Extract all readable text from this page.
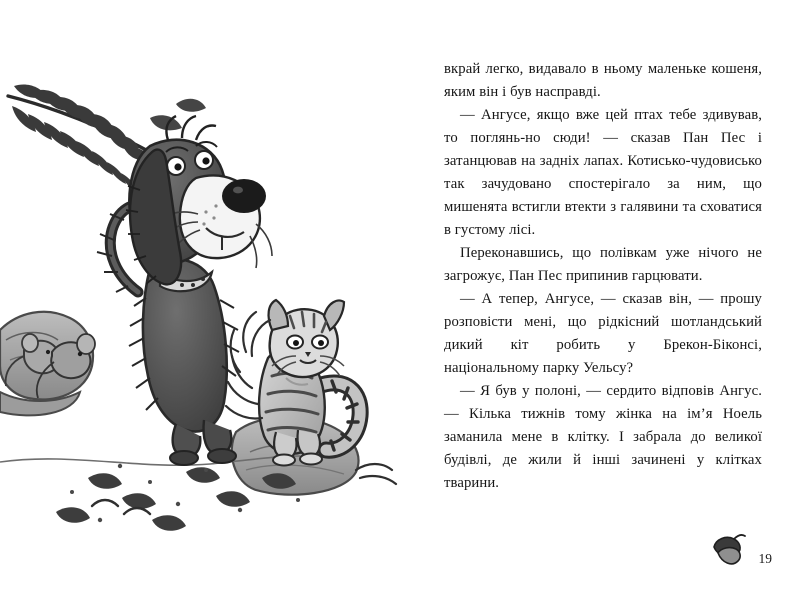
вкрай легко, видавало в ньому маленьке кошеня, яким він і був насправді.

— Ангусе, якщо вже цей птах тебе здивував, то поглянь-но сюди! — сказав Пан Пес і затанцював на задніх лапах. Котисько-чудовисько так зачудовано спостерігало за ним, що мишенята встигли втекти з галявини та сховатися в густому лісі.

Переконавшись, що полівкам уже нічого не загрожує, Пан Пес припинив гарцювати.

— А тепер, Ангусе, — сказав він, — прошу розповісти мені, що рідкісний шотландський дикий кіт робить у Брекон-Біконсі, національному парку Уельсу?

— Я був у полоні, — сердито відповів Ангус. — Кілька тижнів тому жінка на ім’я Ноель заманила мене в клітку. І забрала до великої будівлі, де жили й інші зачинені у клітках тварини.

19
